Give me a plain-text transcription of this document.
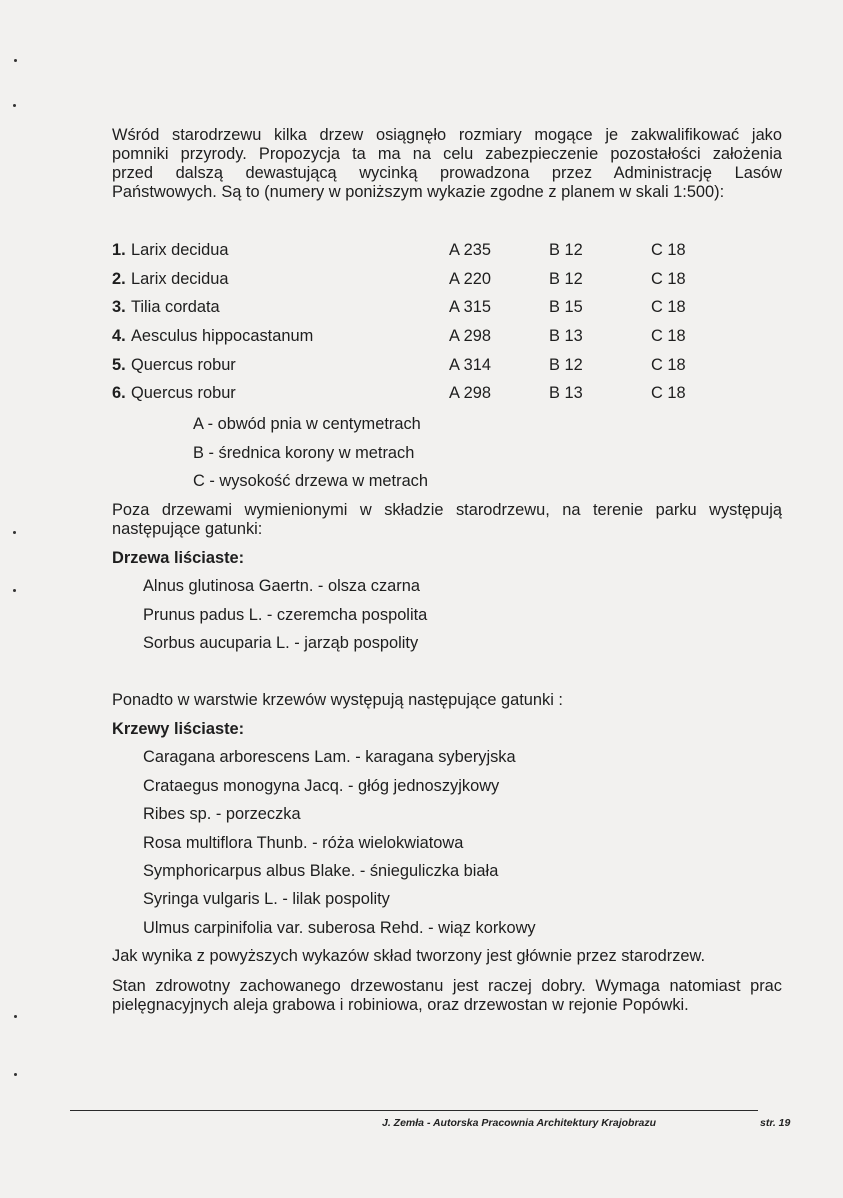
Wśród starodrzewu kilka drzew osiągnęło rozmiary mogące je zakwalifikować jako
pomniki przyrody. Propozycja ta ma na celu zabezpieczenie pozostałości założenia
przed dalszą dewastującą wycinką prowadzona przez Administrację Lasów
Państwowych. Są to (numery w poniższym wykazie zgodne z planem w skali 1:500):
1. Larix decidua	A 235	B 12	C 18
2. Larix decidua	A 220	B 12	C 18
3. Tilia cordata	A 315	B 15	C 18
4. Aesculus hippocastanum	A 298	B 13	C 18
5. Quercus robur	A 314	B 12	C 18
6. Quercus robur	A 298	B 13	C 18
A - obwód pnia w centymetrach
B - średnica korony w metrach
C - wysokość drzewa w metrach
Poza drzewami wymienionymi w składzie starodrzewu, na terenie parku występują
następujące gatunki:
Drzewa liściaste:
Alnus glutinosa Gaertn. - olsza czarna
Prunus padus L. - czeremcha pospolita
Sorbus aucuparia L. - jarząb pospolity
Ponadto w warstwie krzewów występują następujące gatunki :
Krzewy liściaste:
Caragana arborescens Lam. - karagana syberyjska
Crataegus monogyna Jacq. - głóg jednoszyjkowy
Ribes sp. - porzeczka
Rosa multiflora Thunb. - róża wielokwiatowa
Symphoricarpus albus Blake. - śnieguliczka biała
Syringa vulgaris L. - lilak pospolity
Ulmus carpinifolia var. suberosa Rehd. - wiąz korkowy
Jak wynika z powyższych wykazów skład tworzony jest głównie przez starodrzew.
Stan zdrowotny zachowanego drzewostanu jest raczej dobry. Wymaga natomiast prac
pielęgnacyjnych aleja grabowa i robiniowa, oraz drzewostan w rejonie Popówki.
J. Zemła - Autorska Pracownia Architektury Krajobrazu	str. 19
